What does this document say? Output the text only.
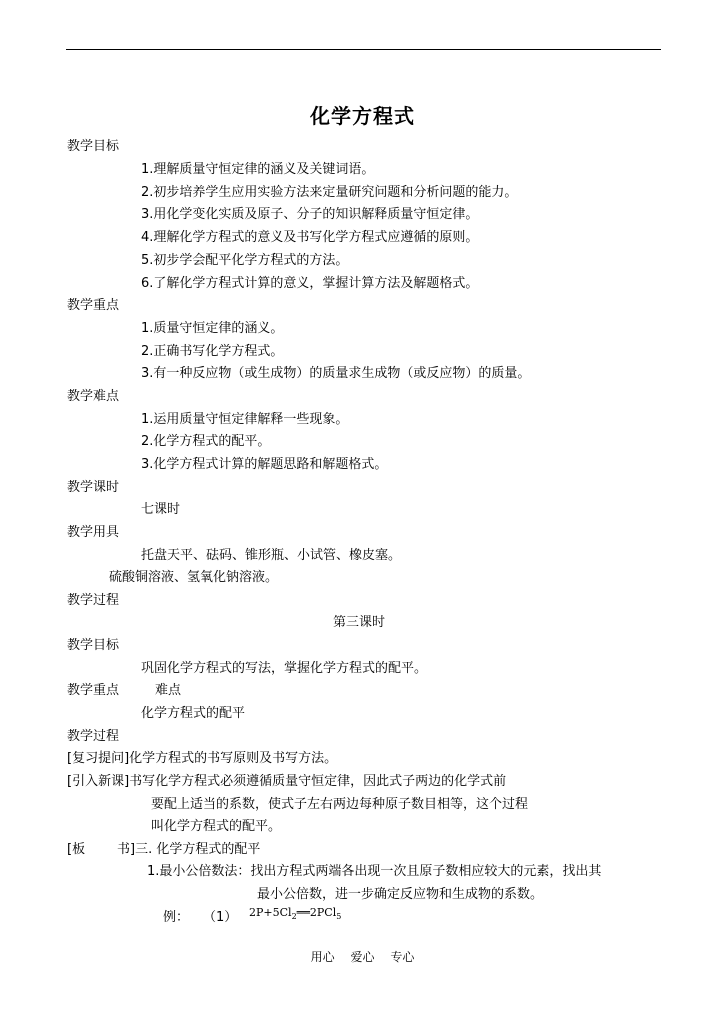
化学方程式
教学目标
1.理解质量守恒定律的涵义及关键词语。
2.初步培养学生应用实验方法来定量研究问题和分析问题的能力。
3.用化学变化实质及原子、分子的知识解释质量守恒定律。
4.理解化学方程式的意义及书写化学方程式应遵循的原则。
5.初步学会配平化学方程式的方法。
6.了解化学方程式计算的意义，掌握计算方法及解题格式。
教学重点
1.质量守恒定律的涵义。
2.正确书写化学方程式。
3.有一种反应物（或生成物）的质量求生成物（或反应物）的质量。
教学难点
1.运用质量守恒定律解释一些现象。
2.化学方程式的配平。
3.化学方程式计算的解题思路和解题格式。
教学课时
七课时
教学用具
托盘天平、砝码、锥形瓶、小试管、橡皮塞。
硫酸铜溶液、氢氧化钠溶液。
教学过程
第三课时
教学目标
巩固化学方程式的写法，掌握化学方程式的配平。
教学重点	难点
化学方程式的配平
教学过程
[复习提问]化学方程式的书写原则及书写方法。
[引入新课]书写化学方程式必须遵循质量守恒定律，因此式子两边的化学式前
要配上适当的系数，使式子左右两边每种原子数目相等，这个过程
叫化学方程式的配平。
[板 书]三. 化学方程式的配平
1.最小公倍数法：找出方程式两端各出现一次且原子数相应较大的元素，找出其
最小公倍数，进一步确定反应物和生成物的系数。
例： （1） $2P+5Cl_2══2PCl_5$
用心 爱心 专心
